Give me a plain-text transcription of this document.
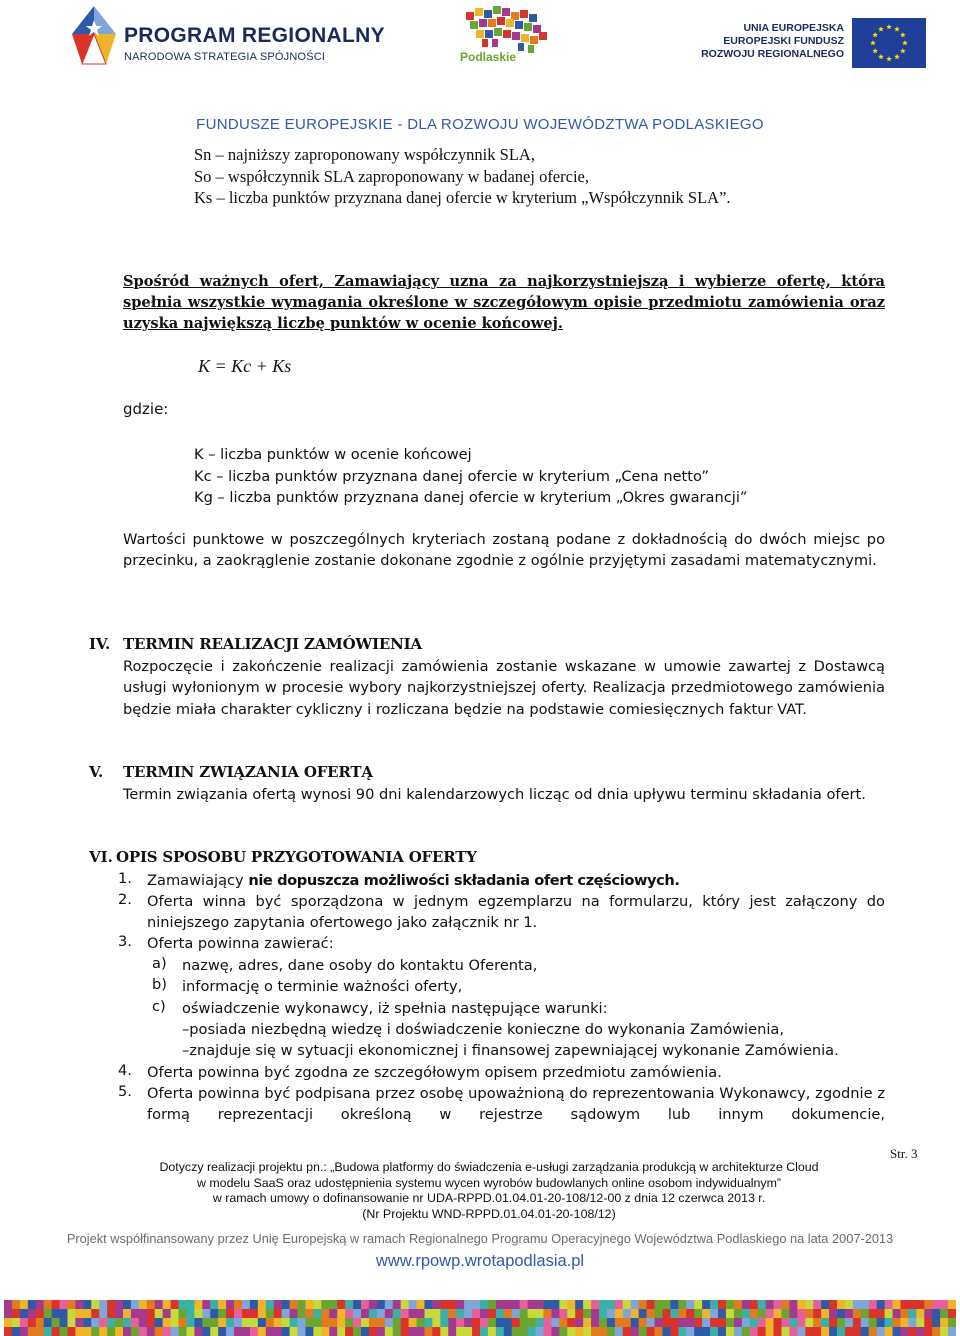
PROGRAM REGIONALNY
NARODOWA STRATEGIA SPÓJNOŚCI	Podlaskie
UNIA EUROPEJSKA
EUROPEJSKI FUNDUSZ
ROZWOJU REGIONALNEGO
FUNDUSZE EUROPEJSKIE - DLA ROZWOJU WOJEWÓDZTWA PODLASKIEGO
Sn – najniższy zaproponowany współczynnik SLA,
So – współczynnik SLA zaproponowany w badanej ofercie,
Ks – liczba punktów przyznana danej ofercie w kryterium „Współczynnik SLA”.
Spośród ważnych ofert, Zamawiający uzna za najkorzystniejszą i wybierze ofertę, która spełnia wszystkie wymagania określone w szczegółowym opisie przedmiotu zamówienia oraz uzyska największą liczbę punktów w ocenie końcowej.
K = Kc + Ks
gdzie:
K – liczba punktów w ocenie końcowej
Kc – liczba punktów przyznana danej ofercie w kryterium „Cena netto”
Kg – liczba punktów przyznana danej ofercie w kryterium „Okres gwarancji”
Wartości punktowe w poszczególnych kryteriach zostaną podane z dokładnością do dwóch miejsc po przecinku, a zaokrąglenie zostanie dokonane zgodnie z ogólnie przyjętymi zasadami matematycznymi.
IV. TERMIN REALIZACJI ZAMÓWIENIA
Rozpoczęcie i zakończenie realizacji zamówienia zostanie wskazane w umowie zawartej z Dostawcą usługi wyłonionym w procesie wybory najkorzystniejszej oferty. Realizacja przedmiotowego zamówienia będzie miała charakter cykliczny i rozliczana będzie na podstawie comiesięcznych faktur VAT.
V. TERMIN ZWIĄZANIA OFERTĄ
Termin związania ofertą wynosi 90 dni kalendarzowych licząc od dnia upływu terminu składania ofert.
VI. OPIS SPOSOBU PRZYGOTOWANIA OFERTY
1. Zamawiający nie dopuszcza możliwości składania ofert częściowych.
2. Oferta winna być sporządzona w jednym egzemplarzu na formularzu, który jest załączony do niniejszego zapytania ofertowego jako załącznik nr 1.
3. Oferta powinna zawierać:
a) nazwę, adres, dane osoby do kontaktu Oferenta,
b) informację o terminie ważności oferty,
c) oświadczenie wykonawcy, iż spełnia następujące warunki:
–posiada niezbędną wiedzę i doświadczenie konieczne do wykonania Zamówienia,
–znajduje się w sytuacji ekonomicznej i finansowej zapewniającej wykonanie Zamówienia.
4. Oferta powinna być zgodna ze szczegółowym opisem przedmiotu zamówienia.
5. Oferta powinna być podpisana przez osobę upoważnioną do reprezentowania Wykonawcy, zgodnie z formą reprezentacji określoną w rejestrze sądowym lub innym dokumencie,
Str. 3
Dotyczy realizacji projektu pn.: „Budowa platformy do świadczenia e-usługi zarządzania produkcją w architekturze Cloud
w modelu SaaS oraz udostępnienia systemu wycen wyrobów budowlanych online osobom indywidualnym”
w ramach umowy o dofinansowanie nr UDA-RPPD.01.04.01-20-108/12-00 z dnia 12 czerwca 2013 r.
(Nr Projektu WND-RPPD.01.04.01-20-108/12)
Projekt współfinansowany przez Unię Europejską w ramach Regionalnego Programu Operacyjnego Województwa Podlaskiego na lata 2007-2013
www.rpowp.wrotapodlasia.pl
